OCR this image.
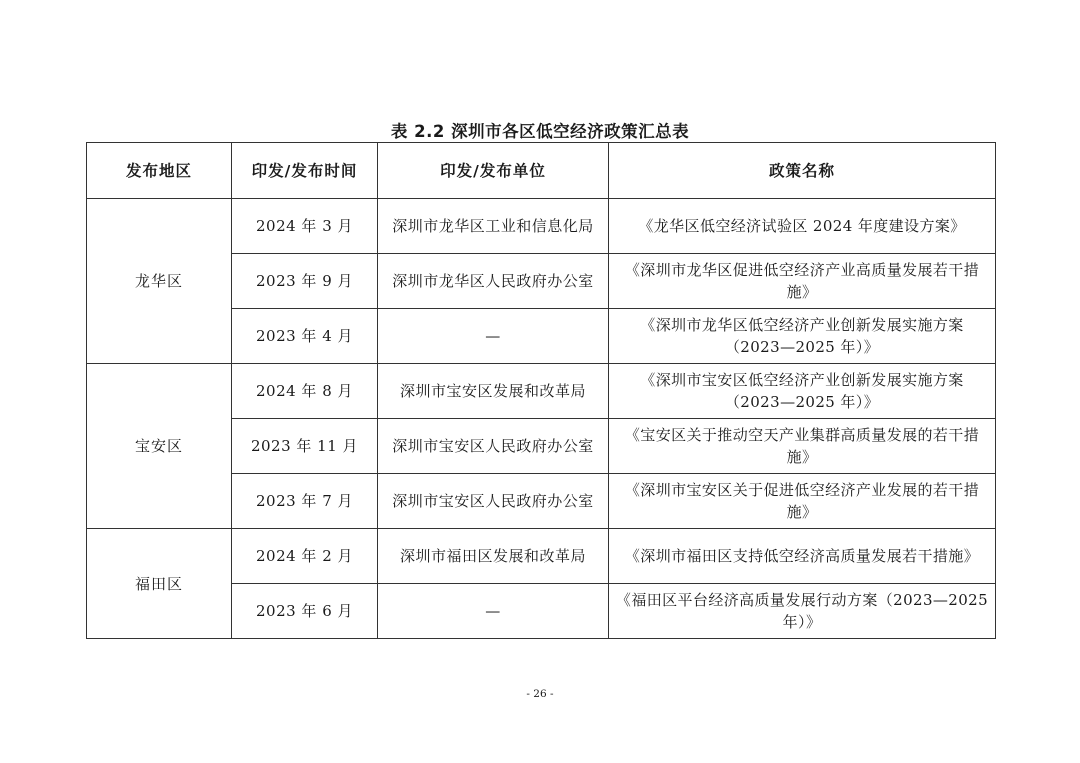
表 2.2 深圳市各区低空经济政策汇总表
发布地区	印发/发布时间	印发/发布单位	政策名称
龙华区	2024 年 3 月	深圳市龙华区工业和信息化局	《龙华区低空经济试验区 2024 年度建设方案》
	2023 年 9 月	深圳市龙华区人民政府办公室	《深圳市龙华区促进低空经济产业高质量发展若干措施》
	2023 年 4 月	—	《深圳市龙华区低空经济产业创新发展实施方案（2023—2025 年）》
宝安区	2024 年 8 月	深圳市宝安区发展和改革局	《深圳市宝安区低空经济产业创新发展实施方案（2023—2025 年）》
	2023 年 11 月	深圳市宝安区人民政府办公室	《宝安区关于推动空天产业集群高质量发展的若干措施》
	2023 年 7 月	深圳市宝安区人民政府办公室	《深圳市宝安区关于促进低空经济产业发展的若干措施》
福田区	2024 年 2 月	深圳市福田区发展和改革局	《深圳市福田区支持低空经济高质量发展若干措施》
	2023 年 6 月	—	《福田区平台经济高质量发展行动方案（2023—2025 年）》
- 26 -
